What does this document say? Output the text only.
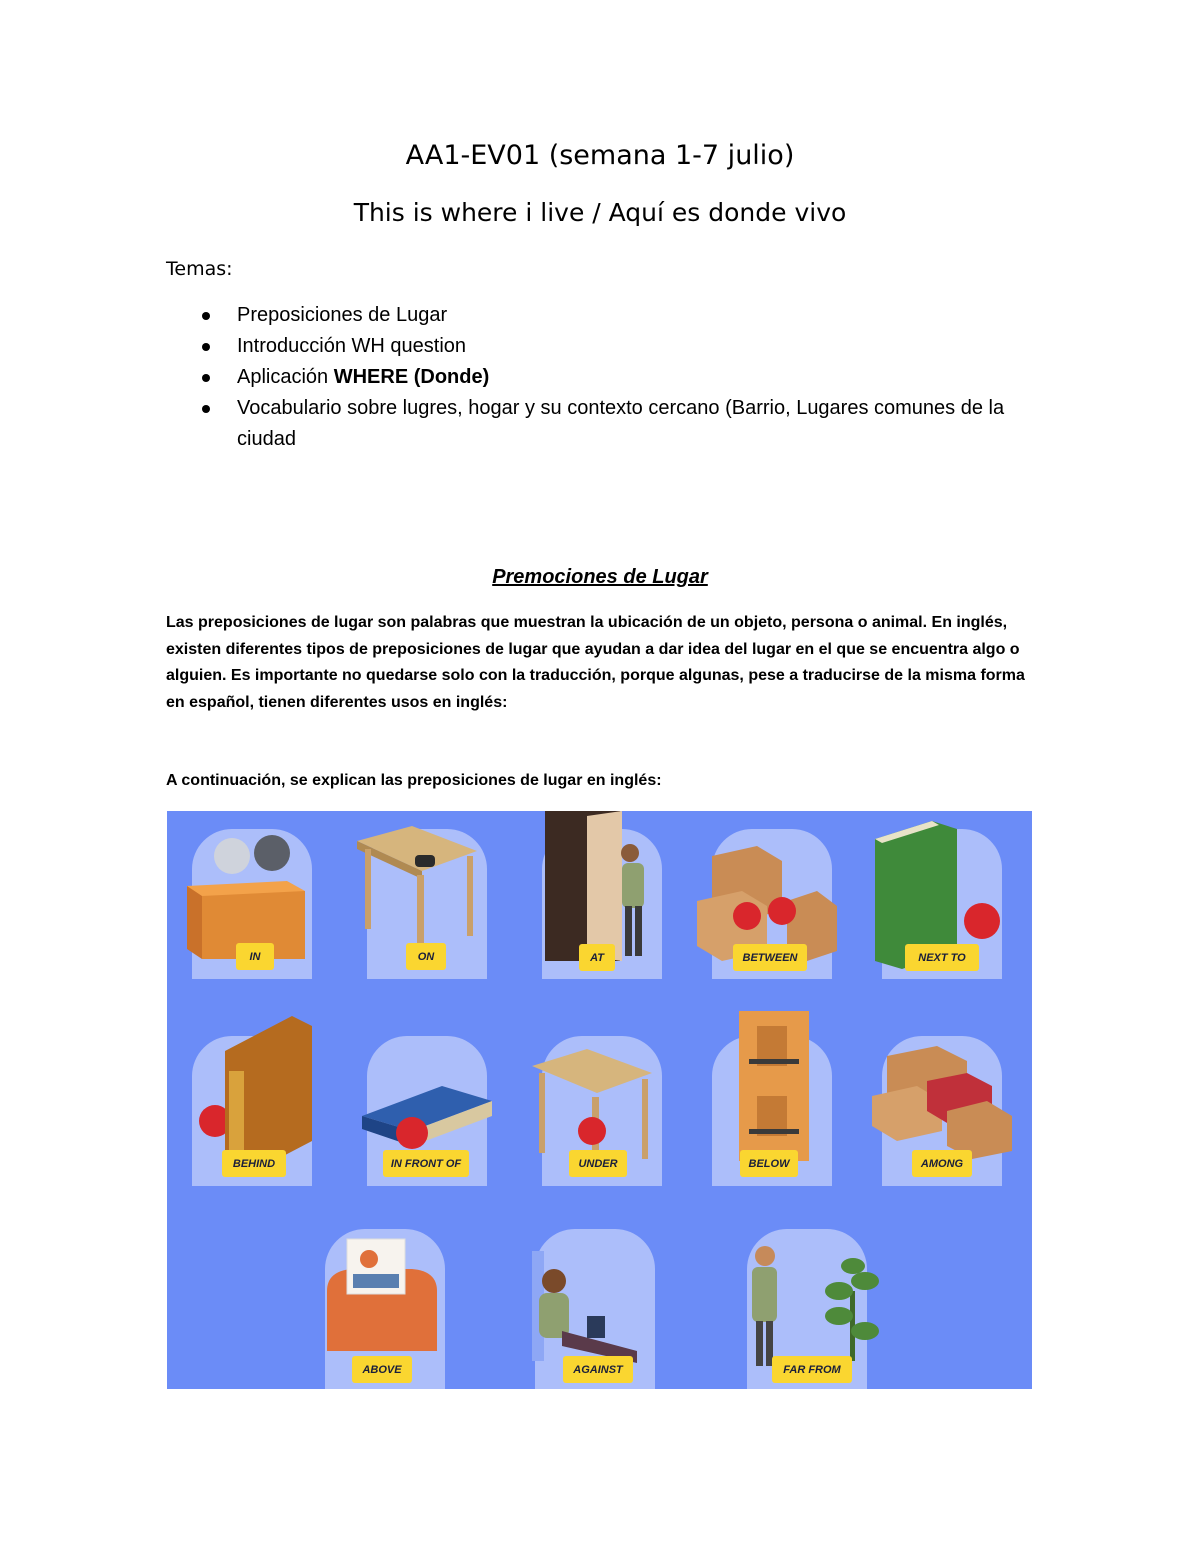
AA1-EV01 (semana 1-7 julio)
This is where i live / Aquí es donde vivo
Temas:
Preposiciones de Lugar
Introducción WH question
Aplicación WHERE (Donde)
Vocabulario sobre lugres, hogar y su contexto cercano (Barrio, Lugares comunes de la ciudad
Premociones de Lugar
Las preposiciones de lugar son palabras que muestran la ubicación de un objeto, persona o animal. En inglés, existen diferentes tipos de preposiciones de lugar que ayudan a dar idea del lugar en el que se encuentra algo o alguien. Es importante no quedarse solo con la traducción, porque algunas, pese a traducirse de la misma forma en español, tienen diferentes usos en inglés:
A continuación, se explican las preposiciones de lugar en inglés:
IN	ON	AT	BETWEEN	NEXT TO
BEHIND	IN FRONT OF	UNDER	BELOW	AMONG
ABOVE	AGAINST	FAR FROM
